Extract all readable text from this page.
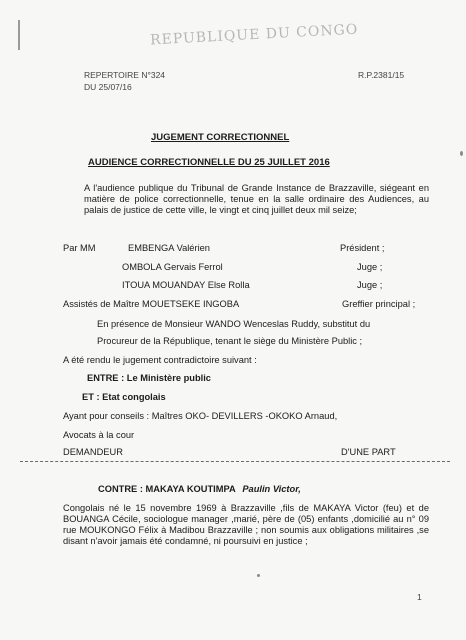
REPUBLIQUE DU CONGO
REPERTOIRE N°324
DU 25/07/16
R.P.2381/15
JUGEMENT CORRECTIONNEL
AUDIENCE CORRECTIONNELLE DU 25 JUILLET 2016
A l'audience publique du Tribunal de Grande Instance de Brazzaville, siégeant en matière de police correctionnelle, tenue en la salle ordinaire des Audiences, au palais de justice de cette ville, le vingt et cinq juillet deux mil seize;
Par MM	EMBENGA Valérien	Président ;
OMBOLA Gervais Ferrol	Juge ;
ITOUA MOUANDAY Else Rolla	Juge ;
Assistés de Maître MOUETSEKE INGOBA	Greffier principal ;
En présence de Monsieur WANDO Wenceslas Ruddy, substitut du
Procureur de la République, tenant le siège du Ministère Public ;
A été rendu le jugement contradictoire suivant :
ENTRE : Le Ministère public
ET : Etat congolais
Ayant pour conseils : Maîtres OKO- DEVILLERS -OKOKO Arnaud,
Avocats à la cour
DEMANDEUR	D'UNE PART
CONTRE : MAKAYA KOUTIMPA Paulin Victor,
Congolais né le 15 novembre 1969 à Brazzaville ,fils de MAKAYA Victor (feu) et de BOUANGA Cécile, sociologue manager ,marié, père de (05) enfants ,domicilié au n° 09 rue MOUKONGO Félix à Madibou Brazzaville ; non soumis aux obligations militaires ,se disant n'avoir jamais été condamné, ni poursuivi en justice ;
1
